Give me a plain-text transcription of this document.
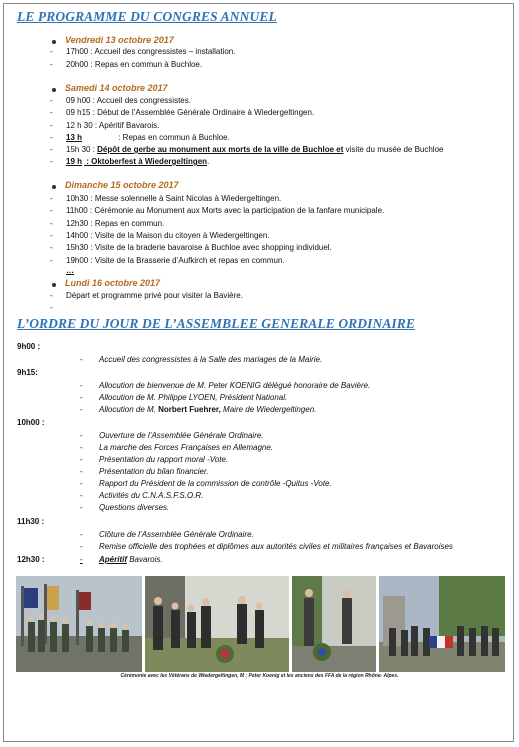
LE PROGRAMME DU CONGRES ANNUEL
Vendredi 13 octobre 2017
-	17h00 : Accueil des congressistes – installation.
-	20h00 : Repas en commun à Buchloe.
Samedi 14 octobre 2017
-	09 h00 : Accueil des congressistes.
-	09 h15 : Début de l’Assemblée Générale Ordinaire à Wiedergeltingen.
-	12 h 30 : Apéritif Bavarois.
-	13 h	: Repas en commun à Buchloe.
-	15h 30 : Dépôt de gerbe au monument aux morts de la ville de Buchloe et visite du musée de Buchloe
-	19 h : Oktoberfest à Wiedergeltingen.
Dimanche 15 octobre 2017
-	10h30 : Messe solennelle à Saint Nicolas à Wiedergeltingen.
-	11h00 : Cérémonie au Monument aux Morts avec la participation de la fanfare municipale.
-	12h30 : Repas en commun.
-	14h00 : Visite de la Maison du citoyen à Wiedergeltingen.
-	15h30 : Visite de la braderie bavaroise à Buchloe avec shopping individuel.
-	19h00 : Visite de la Brasserie d’Aufkirch et repas en commun.
…
Lundi 16 octobre 2017
-	Départ et programme privé pour visiter la Bavière.
-
L’ORDRE DU JOUR DE L’ASSEMBLEE GENERALE ORDINAIRE
9h00 :
-	Accueil des congressistes à la Salle des mariages de la Mairie.
9h15:
-	Allocution de bienvenue de M. Peter KOENIG délégué honoraire de Bavière.
-	Allocution de M. Philippe LYOEN, Président National.
-	Allocution de M. Norbert Fuehrer, Maire de Wiedergeltingen.
10h00 :
-	Ouverture de l’Assemblée Générale Ordinaire.
-	La marche des Forces Françaises en Allemagne.
-	Présentation du rapport moral -Vote.
-	Présentation du bilan financier.
-	Rapport du Président de la commission de contrôle -Quitus -Vote.
-	Activités du C.N.A.S.F.S.O.R.
-	Questions diverses.
11h30 :
-	Clôture de l’Assemblée Générale Ordinaire.
-	Remise officielle des trophées et diplômes aux autorités civiles et militaires françaises et Bavaroises
12h30 :	-	Apéritif Bavarois.
Cérémonie avec les Vétérans de Wiedergeltingen, M ; Peter Koenig et les anciens des FFA de la région Rhône- Alpes.
